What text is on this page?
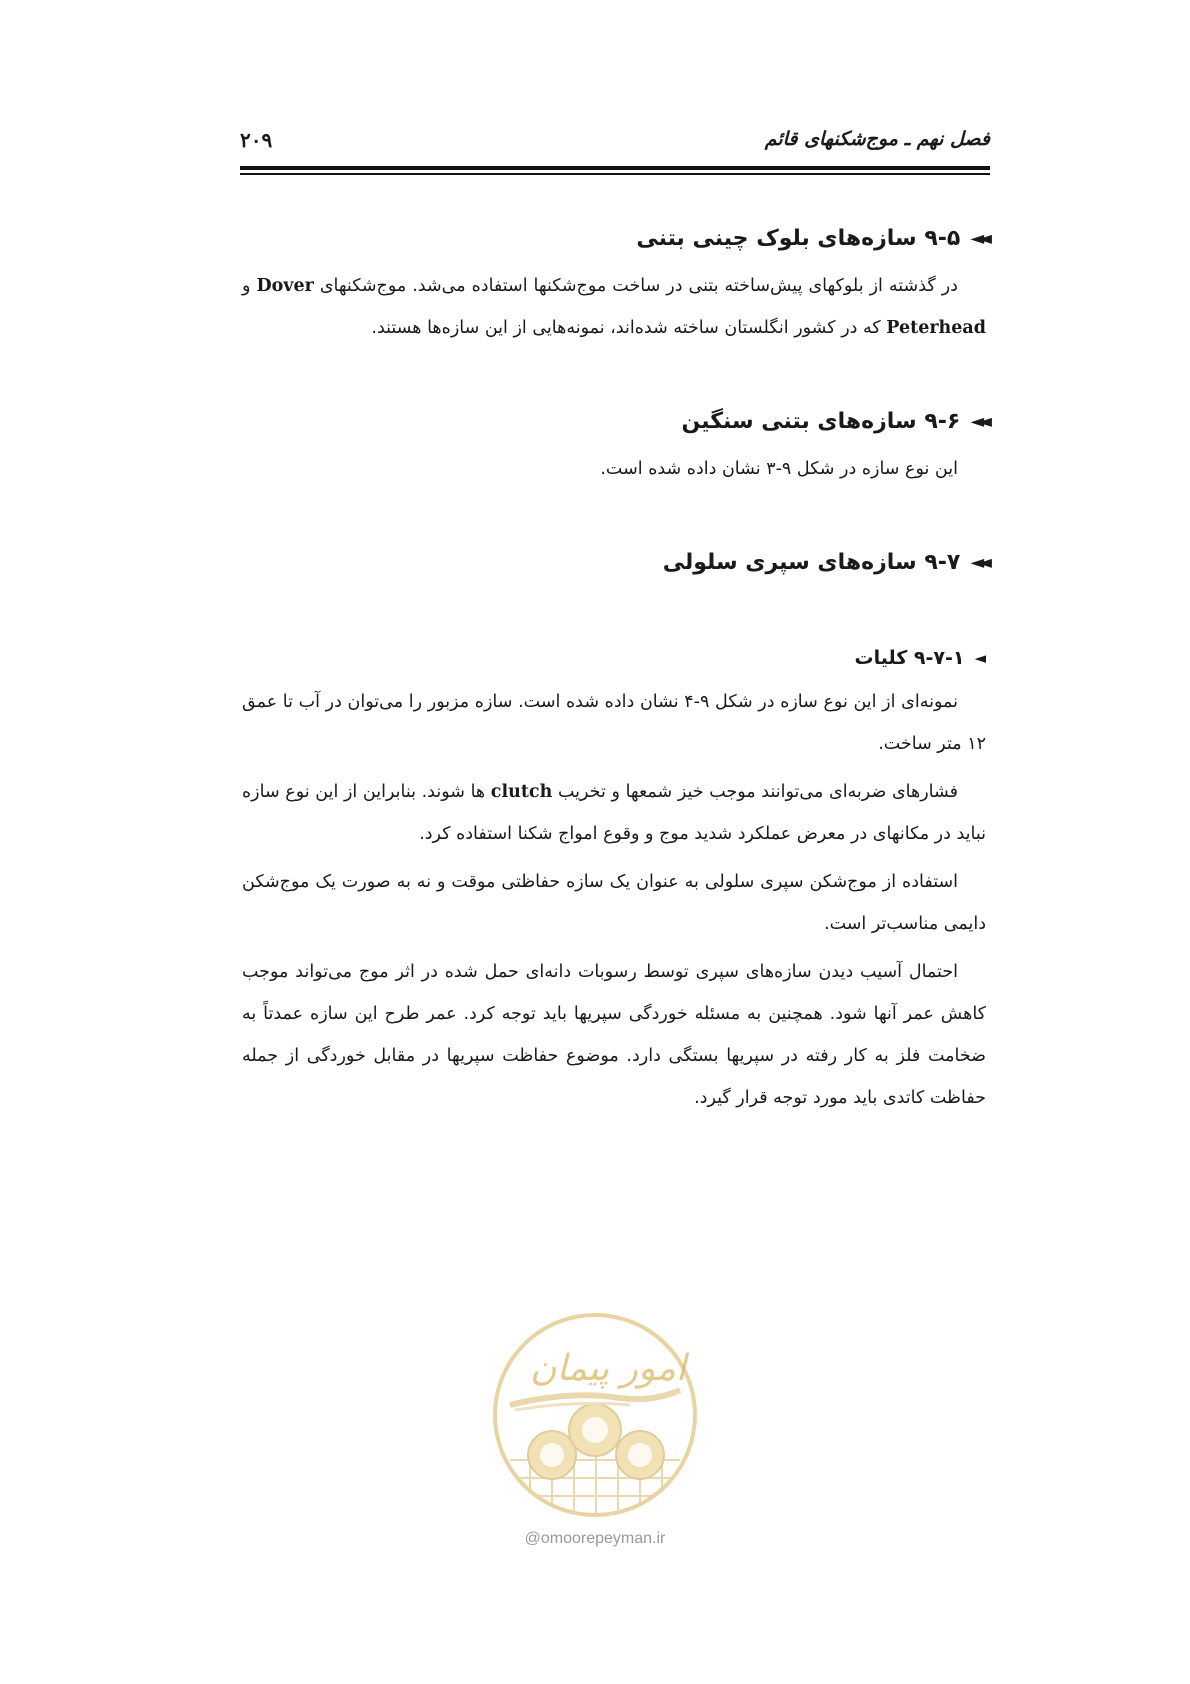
فصل نهم ـ موج‌شکنهای قائم
۲۰۹
◄◄
۹-۵ سازه‌های بلوک چینی بتنی

در گذشته از بلوکهای پیش‌ساخته بتنی در ساخت موج‌شکنها استفاده می‌شد. موج‌شکنهای Dover و Peterhead که در کشور انگلستان ساخته شده‌اند، نمونه‌هایی از این سازه‌ها هستند.

◄◄
۹-۶ سازه‌های بتنی سنگین

این نوع سازه در شکل ۹-۳ نشان داده شده است.

◄◄
۹-۷ سازه‌های سپری سلولی
◄
۹-۷-۱ کلیات

نمونه‌ای از این نوع سازه در شکل ۹-۴ نشان داده شده است. سازه مزبور را می‌توان در آب تا عمق ۱۲ متر ساخت.

فشارهای ضربه‌ای می‌توانند موجب خیز شمعها و تخریب clutch ها شوند. بنابراین از این نوع سازه نباید در مکانهای در معرض عملکرد شدید موج و وقوع امواج شکنا استفاده کرد.

استفاده از موج‌شکن سپری سلولی به عنوان یک سازه حفاظتی موقت و نه به صورت یک موج‌شکن دایمی مناسب‌تر است.

احتمال آسیب دیدن سازه‌های سپری توسط رسوبات دانه‌ای حمل شده در اثر موج می‌تواند موجب کاهش عمر آنها شود. همچنین به مسئله خوردگی سپریها باید توجه کرد. عمر طرح این سازه عمدتاً به ضخامت فلز به کار رفته در سپریها بستگی دارد. موضوع حفاظت سپریها در مقابل خوردگی از جمله حفاظت کاتدی باید مورد توجه قرار گیرد.

امور پیمان
@omoorepeyman.ir
